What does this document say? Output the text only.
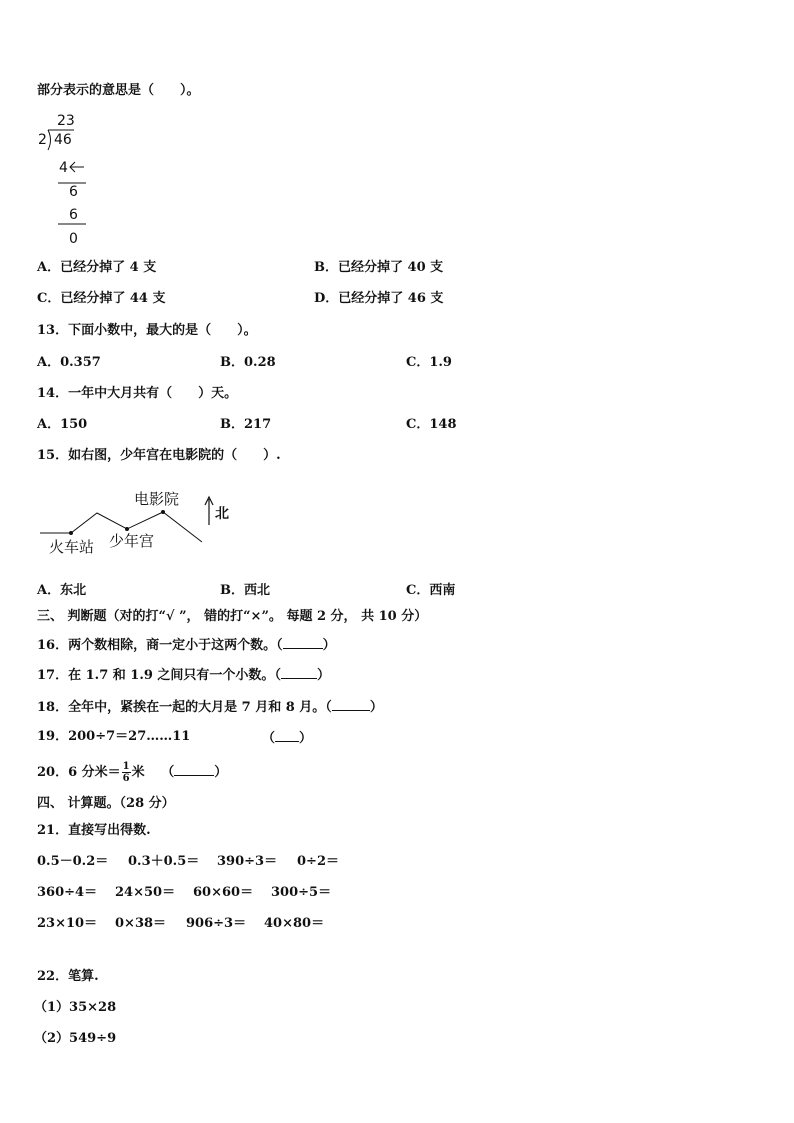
部分表示的意思是（　　）。
23
2 46
4
6
6
0
A．已经分掉了 4 支	B．已经分掉了 40 支
C．已经分掉了 44 支	D．已经分掉了 46 支
13．下面小数中，最大的是（　　）。
A．0.357	B．0.28	C．1.9
14．一年中大月共有（　　）天。
A．150	B．217	C．148
15．如右图，少年宫在电影院的（　　）.
火车站 少年宫
电影院
北
A．东北	B．西北	C．西南
三、 判断题（对的打“√ ”， 错的打“×”。 每题 2 分， 共 10 分）
16．两个数相除，商一定小于这两个数。（	）
17．在 1.7 和 1.9 之间只有一个小数。（	）
18．全年中，紧挨在一起的大月是 7 月和 8 月。（	）
19．200÷7＝27……11	（ ）
20．6 分米＝ $\frac{1}{6}$ 米 （	）
四、 计算题。（28 分）
21．直接写出得数.
0.5－0.2＝ 0.3＋0.5＝ 390÷3＝ 0÷2＝
360÷4＝ 24×50＝ 60×60＝ 300÷5＝
23×10＝ 0×38＝ 906÷3＝ 40×80＝
22．笔算.
（1）35×28
（2）549÷9
